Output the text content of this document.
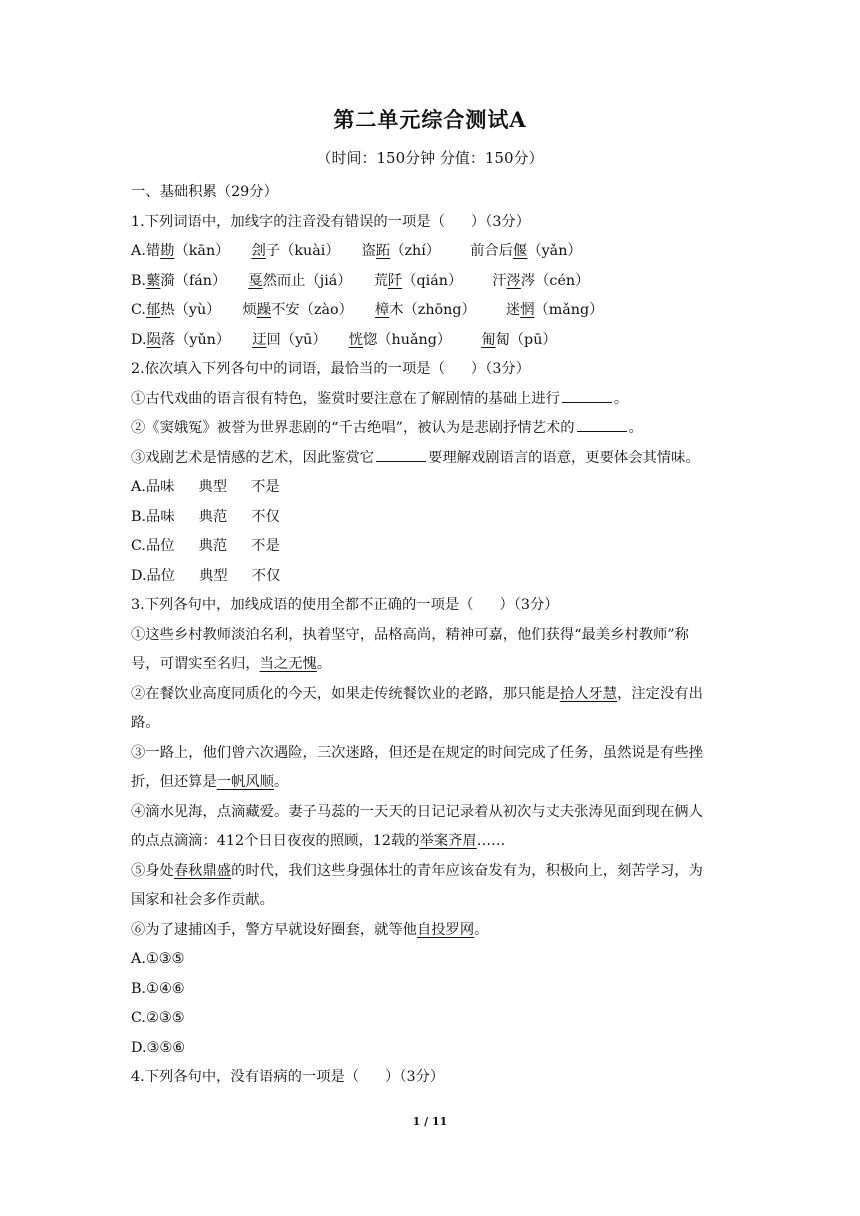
第二单元综合测试A
（时间：150分钟 分值：150分）
一、基础积累（29分）
1.下列词语中，加线字的注音没有错误的一项是（ ）（3分）
A.错勘（kān） 刽子（kuài） 盗跖（zhí） 前合后偃（yǎn）
B.蘩漪（fán） 戛然而止（jiá） 荒阡（qián） 汗涔涔（cén）
C.郁热（yù） 烦躁不安（zào） 樟木（zhōng） 迷惘（mǎng）
D.陨落（yǔn） 迂回（yū） 恍惚（huǎng） 匍匐（pū）
2.依次填入下列各句中的词语，最恰当的一项是（ ）（3分）
①古代戏曲的语言很有特色，鉴赏时要注意在了解剧情的基础上进行	。
②《窦娥冤》被誉为世界悲剧的“千古绝唱”，被认为是悲剧抒情艺术的	。
③戏剧艺术是情感的艺术，因此鉴赏它	要理解戏剧语言的语意，更要体会其情味。
A.品味 典型 不是
B.品味 典范 不仅
C.品位 典范 不是
D.品位 典型 不仅
3.下列各句中，加线成语的使用全都不正确的一项是（ ）（3分）
①这些乡村教师淡泊名利，执着坚守，品格高尚，精神可嘉，他们获得“最美乡村教师”称
号，可谓实至名归，当之无愧。
②在餐饮业高度同质化的今天，如果走传统餐饮业的老路，那只能是拾人牙慧，注定没有出
路。
③一路上，他们曾六次遇险，三次迷路，但还是在规定的时间完成了任务，虽然说是有些挫
折，但还算是一帆风顺。
④滴水见海，点滴藏爱。妻子马蕊的一天天的日记记录着从初次与丈夫张涛见面到现在俩人
的点点滴滴：412个日日夜夜的照顾，12载的举案齐眉……
⑤身处春秋鼎盛的时代，我们这些身强体壮的青年应该奋发有为，积极向上，刻苦学习，为
国家和社会多作贡献。
⑥为了逮捕凶手，警方早就设好圈套，就等他自投罗网。
A.①③⑤
B.①④⑥
C.②③⑤
D.③⑤⑥
4.下列各句中，没有语病的一项是（ ）（3分）
1 / 11
